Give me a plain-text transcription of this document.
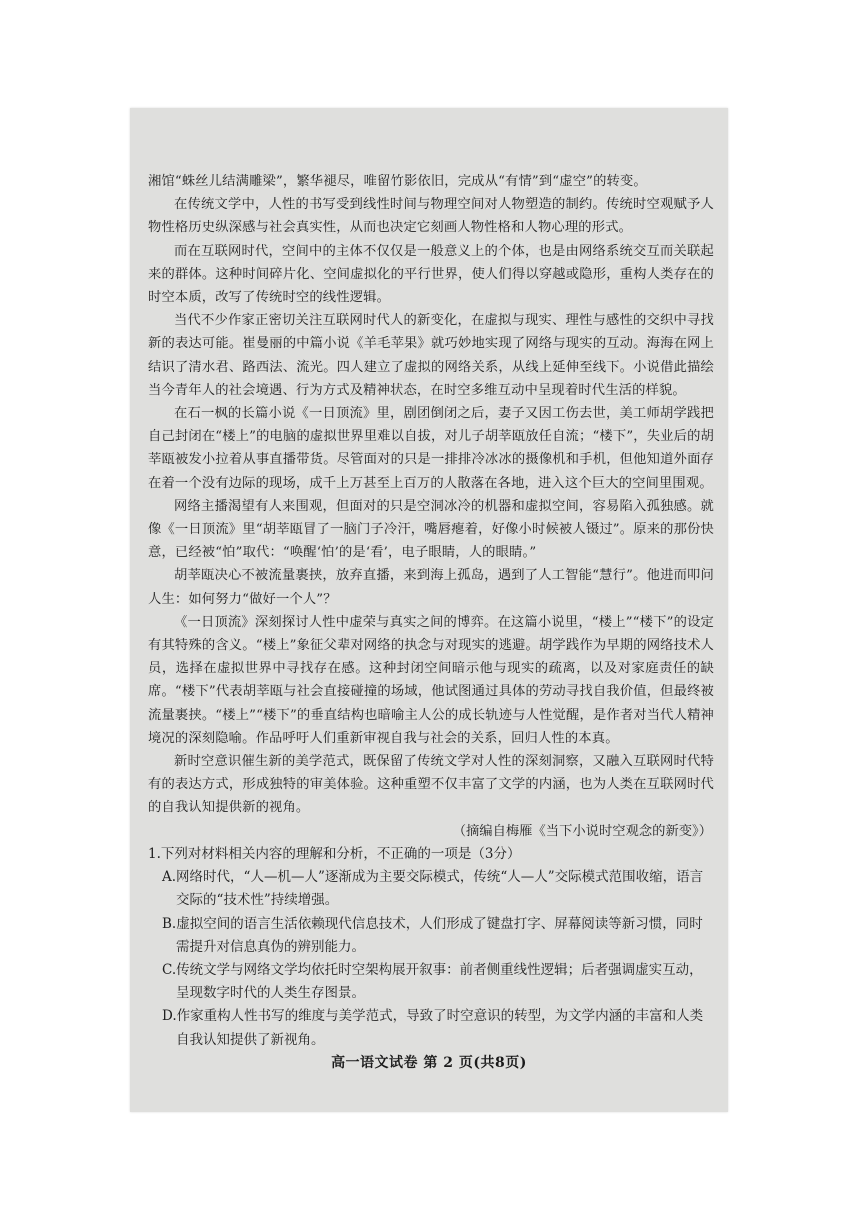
湘馆“蛛丝儿结满雕梁”，繁华褪尽，唯留竹影依旧，完成从“有情”到“虚空”的转变。

在传统文学中，人性的书写受到线性时间与物理空间对人物塑造的制约。传统时空观赋予人物性格历史纵深感与社会真实性，从而也决定它刻画人物性格和人物心理的形式。

而在互联网时代，空间中的主体不仅仅是一般意义上的个体，也是由网络系统交互而关联起来的群体。这种时间碎片化、空间虚拟化的平行世界，使人们得以穿越或隐形，重构人类存在的时空本质，改写了传统时空的线性逻辑。

当代不少作家正密切关注互联网时代人的新变化，在虚拟与现实、理性与感性的交织中寻找新的表达可能。崔曼丽的中篇小说《羊毛苹果》就巧妙地实现了网络与现实的互动。海海在网上结识了清水君、路西法、流光。四人建立了虚拟的网络关系，从线上延伸至线下。小说借此描绘当今青年人的社会境遇、行为方式及精神状态，在时空多维互动中呈现着时代生活的样貌。

在石一枫的长篇小说《一日顶流》里，剧团倒闭之后，妻子又因工伤去世，美工师胡学践把自己封闭在“楼上”的电脑的虚拟世界里难以自拔，对儿子胡莘瓯放任自流；“楼下”，失业后的胡莘瓯被发小拉着从事直播带货。尽管面对的只是一排排冷冰冰的摄像机和手机，但他知道外面存在着一个没有边际的现场，成千上万甚至上百万的人散落在各地，进入这个巨大的空间里围观。

网络主播渴望有人来围观，但面对的只是空洞冰冷的机器和虚拟空间，容易陷入孤独感。就像《一日顶流》里“胡莘瓯冒了一脑门子冷汗，嘴唇瘪着，好像小时候被人镊过”。原来的那份快意，已经被“怕”取代：“唤醒‘怕’的是‘看’，电子眼睛，人的眼睛。”

胡莘瓯决心不被流量裹挟，放弃直播，来到海上孤岛，遇到了人工智能“慧行”。他进而叩问人生：如何努力“做好一个人”？

《一日顶流》深刻探讨人性中虚荣与真实之间的博弈。在这篇小说里，“楼上”“楼下”的设定有其特殊的含义。“楼上”象征父辈对网络的执念与对现实的逃避。胡学践作为早期的网络技术人员，选择在虚拟世界中寻找存在感。这种封闭空间暗示他与现实的疏离，以及对家庭责任的缺席。“楼下”代表胡莘瓯与社会直接碰撞的场域，他试图通过具体的劳动寻找自我价值，但最终被流量裹挟。“楼上”“楼下”的垂直结构也暗喻主人公的成长轨迹与人性觉醒，是作者对当代人精神境况的深刻隐喻。作品呼吁人们重新审视自我与社会的关系，回归人性的本真。

新时空意识催生新的美学范式，既保留了传统文学对人性的深刻洞察，又融入互联网时代特有的表达方式，形成独特的审美体验。这种重塑不仅丰富了文学的内涵，也为人类在互联网时代的自我认知提供新的视角。

（摘编自梅雁《当下小说时空观念的新变》）

1.下列对材料相关内容的理解和分析，不正确的一项是（3分）

A.网络时代，“人—机—人”逐渐成为主要交际模式，传统“人—人”交际模式范围收缩，语言交际的“技术性”持续增强。

B.虚拟空间的语言生活依赖现代信息技术，人们形成了键盘打字、屏幕阅读等新习惯，同时需提升对信息真伪的辨别能力。

C.传统文学与网络文学均依托时空架构展开叙事：前者侧重线性逻辑；后者强调虚实互动，呈现数字时代的人类生存图景。

D.作家重构人性书写的维度与美学范式，导致了时空意识的转型，为文学内涵的丰富和人类自我认知提供了新视角。

高一语文试卷 第 2 页(共8页)
